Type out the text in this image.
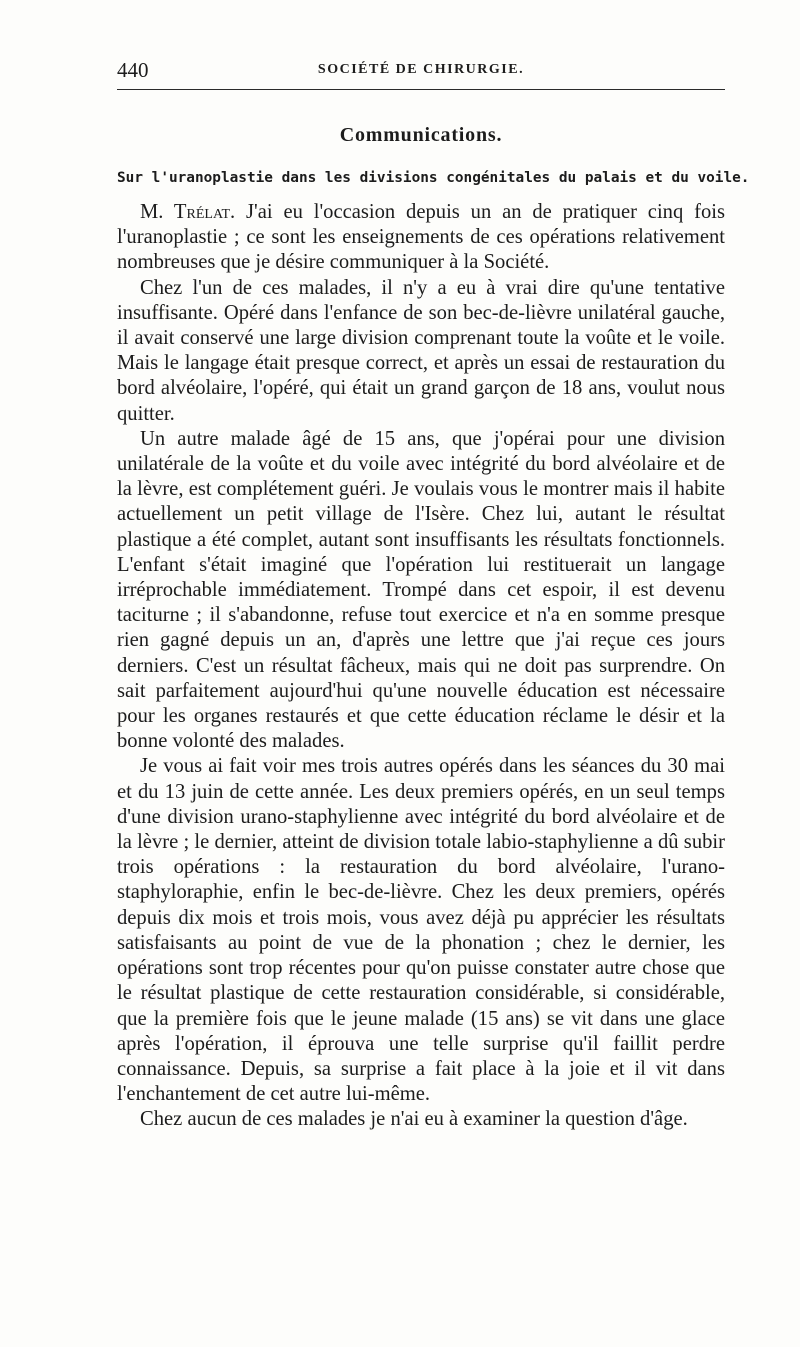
440	SOCIÉTÉ DE CHIRURGIE.
Communications.
Sur l'uranoplastie dans les divisions congénitales du palais et du voile.

M. Trélat. J'ai eu l'occasion depuis un an de pratiquer cinq fois l'uranoplastie ; ce sont les enseignements de ces opérations relativement nombreuses que je désire communiquer à la Société.

Chez l'un de ces malades, il n'y a eu à vrai dire qu'une tentative insuffisante. Opéré dans l'enfance de son bec-de-lièvre unilatéral gauche, il avait conservé une large division comprenant toute la voûte et le voile. Mais le langage était presque correct, et après un essai de restauration du bord alvéolaire, l'opéré, qui était un grand garçon de 18 ans, voulut nous quitter.

Un autre malade âgé de 15 ans, que j'opérai pour une division unilatérale de la voûte et du voile avec intégrité du bord alvéolaire et de la lèvre, est complétement guéri. Je voulais vous le montrer mais il habite actuellement un petit village de l'Isère. Chez lui, autant le résultat plastique a été complet, autant sont insuffisants les résultats fonctionnels. L'enfant s'était imaginé que l'opération lui restituerait un langage irréprochable immédiatement. Trompé dans cet espoir, il est devenu taciturne ; il s'abandonne, refuse tout exercice et n'a en somme presque rien gagné depuis un an, d'après une lettre que j'ai reçue ces jours derniers. C'est un résultat fâcheux, mais qui ne doit pas surprendre. On sait parfaitement aujourd'hui qu'une nouvelle éducation est nécessaire pour les organes restaurés et que cette éducation réclame le désir et la bonne volonté des malades.

Je vous ai fait voir mes trois autres opérés dans les séances du 30 mai et du 13 juin de cette année. Les deux premiers opérés, en un seul temps d'une division urano-staphylienne avec intégrité du bord alvéolaire et de la lèvre ; le dernier, atteint de division totale labio-staphylienne a dû subir trois opérations : la restauration du bord alvéolaire, l'urano-staphyloraphie, enfin le bec-de-lièvre. Chez les deux premiers, opérés depuis dix mois et trois mois, vous avez déjà pu apprécier les résultats satisfaisants au point de vue de la phonation ; chez le dernier, les opérations sont trop récentes pour qu'on puisse constater autre chose que le résultat plastique de cette restauration considérable, si considérable, que la première fois que le jeune malade (15 ans) se vit dans une glace après l'opération, il éprouva une telle surprise qu'il faillit perdre connaissance. Depuis, sa surprise a fait place à la joie et il vit dans l'enchantement de cet autre lui-même.

Chez aucun de ces malades je n'ai eu à examiner la question d'âge.
